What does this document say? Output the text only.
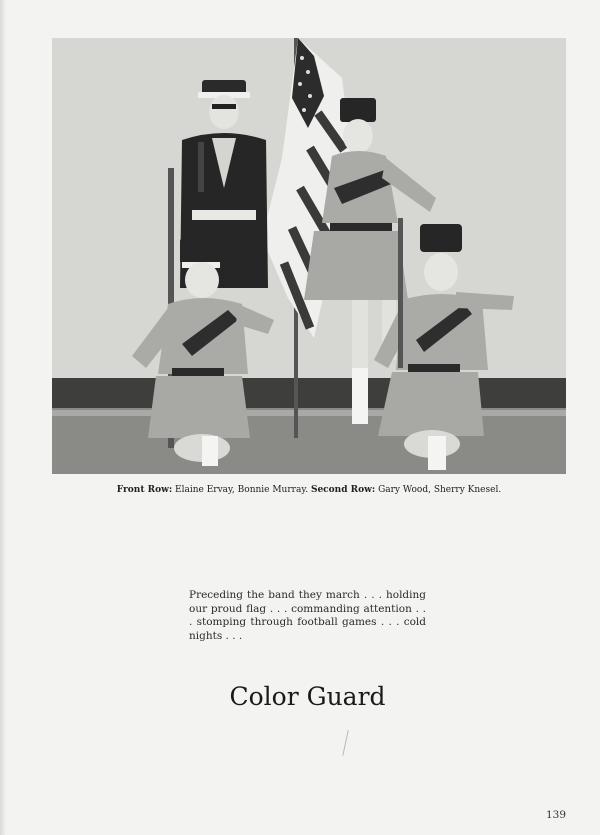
Front Row: Elaine Ervay, Bonnie Murray. Second Row: Gary Wood, Sherry Knesel.
Preceding the band they march . . . holding our proud flag . . . commanding attention . . . stomping through football games . . . cold nights . . .
Color Guard
139
